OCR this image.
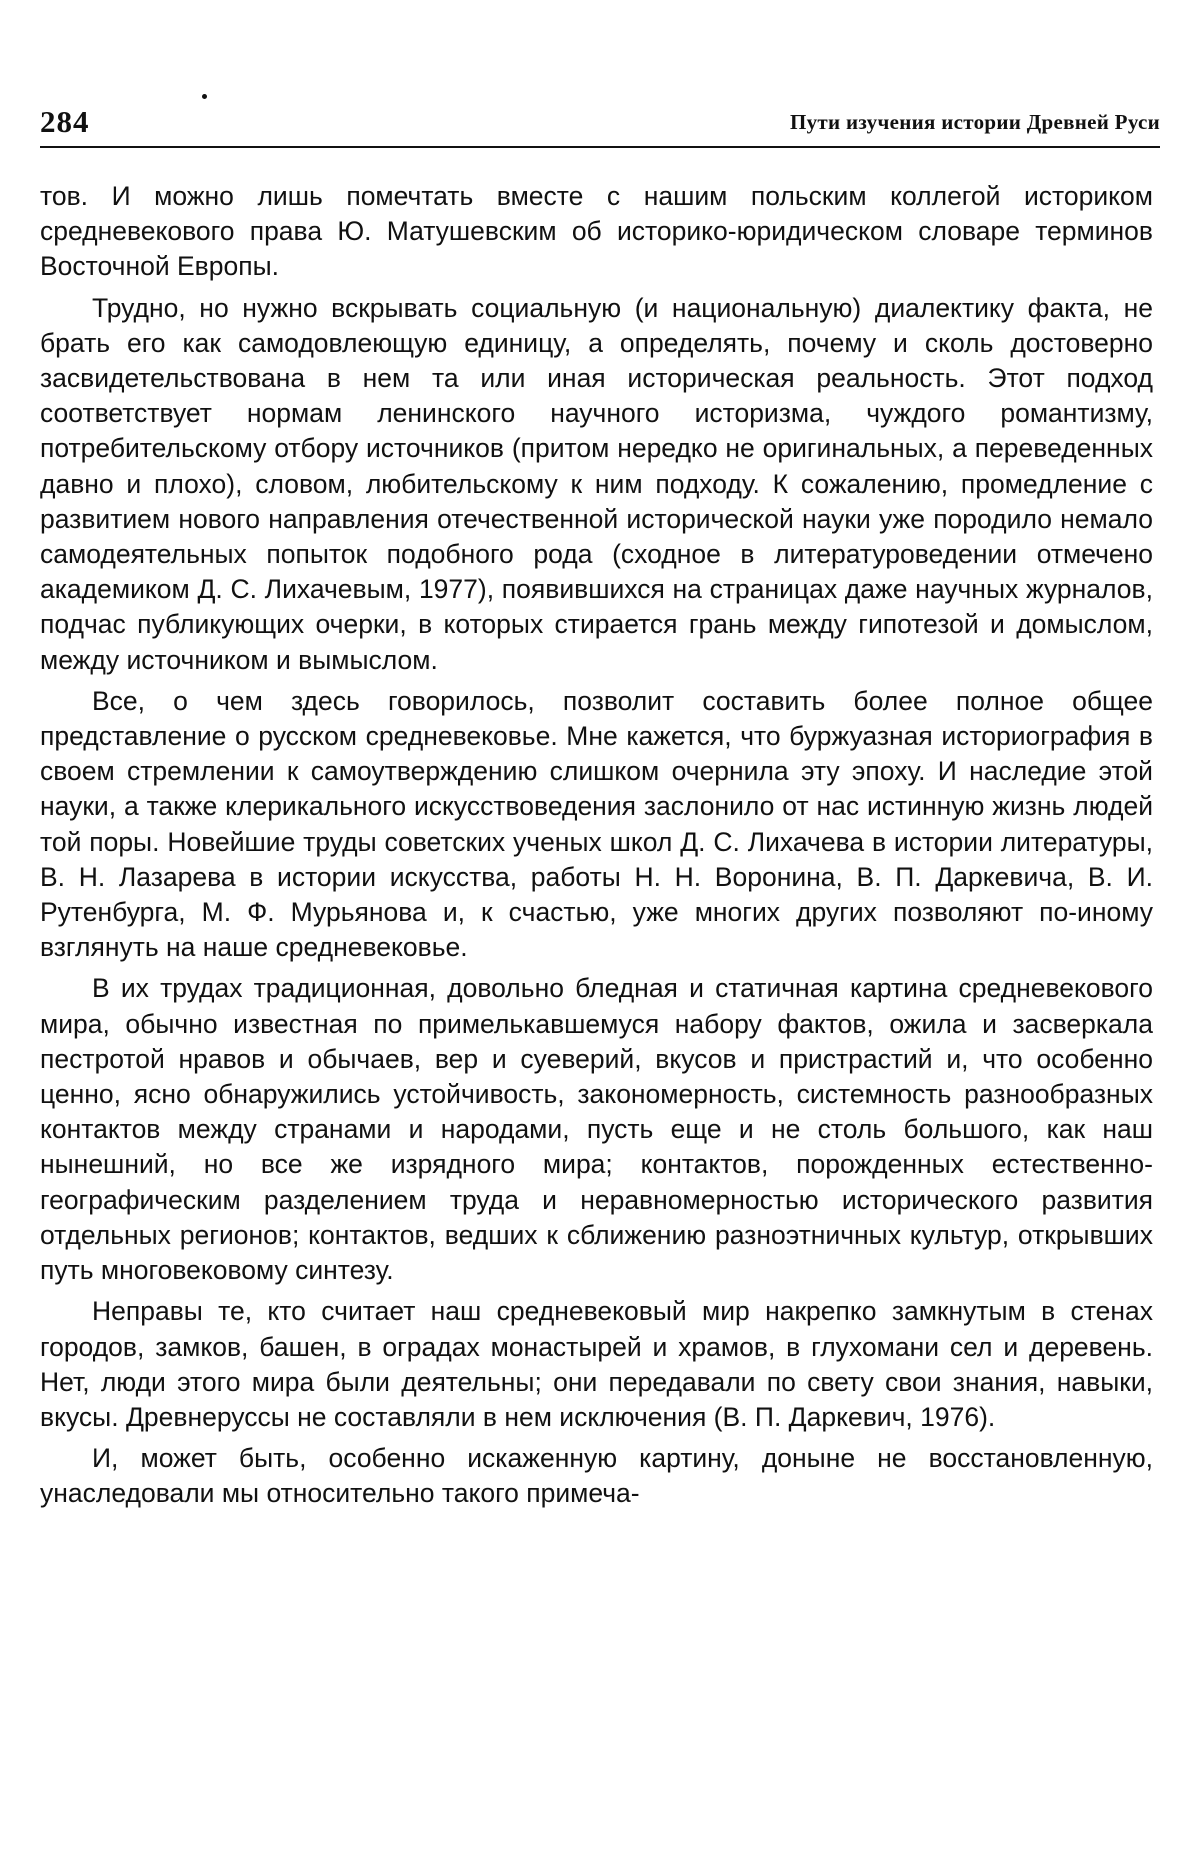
284	Пути изучения истории Древней Руси

тов. И можно лишь помечтать вместе с нашим польским коллегой историком средневекового права Ю. Матушевским об историко-юридическом словаре терминов Восточной Европы.

Трудно, но нужно вскрывать социальную (и национальную) диалектику факта, не брать его как самодовлеющую единицу, а определять, почему и сколь достоверно засвидетельствована в нем та или иная историческая реальность. Этот подход соответствует нормам ленинского научного историзма, чуждого романтизму, потребительскому отбору источников (притом нередко не оригинальных, а переведенных давно и плохо), словом, любительскому к ним подходу. К сожалению, промедление с развитием нового направления отечественной исторической науки уже породило немало самодеятельных попыток подобного рода (сходное в литературоведении отмечено академиком Д. С. Лихачевым, 1977), появившихся на страницах даже научных журналов, подчас публикующих очерки, в которых стирается грань между гипотезой и домыслом, между источником и вымыслом.

Все, о чем здесь говорилось, позволит составить более полное общее представление о русском средневековье. Мне кажется, что буржуазная историография в своем стремлении к самоутверждению слишком очернила эту эпоху. И наследие этой науки, а также клерикального искусствоведения заслонило от нас истинную жизнь людей той поры. Новейшие труды советских ученых школ Д. С. Лихачева в истории литературы, В. Н. Лазарева в истории искусства, работы Н. Н. Воронина, В. П. Даркевича, В. И. Рутенбурга, М. Ф. Мурьянова и, к счастью, уже многих других позволяют по-иному взглянуть на наше средневековье.

В их трудах традиционная, довольно бледная и статичная картина средневекового мира, обычно известная по примелькавшемуся набору фактов, ожила и засверкала пестротой нравов и обычаев, вер и суеверий, вкусов и пристрастий и, что особенно ценно, ясно обнаружились устойчивость, закономерность, системность разнообразных контактов между странами и народами, пусть еще и не столь большого, как наш нынешний, но все же изрядного мира; контактов, порожденных естественно-географическим разделением труда и неравномерностью исторического развития отдельных регионов; контактов, ведших к сближению разноэтничных культур, открывших путь многовековому синтезу.

Неправы те, кто считает наш средневековый мир накрепко замкнутым в стенах городов, замков, башен, в оградах монастырей и храмов, в глухомани сел и деревень. Нет, люди этого мира были деятельны; они передавали по свету свои знания, навыки, вкусы. Древнеруссы не составляли в нем исключения (В. П. Даркевич, 1976).

И, может быть, особенно искаженную картину, доныне не восстановленную, унаследовали мы относительно такого примеча-
